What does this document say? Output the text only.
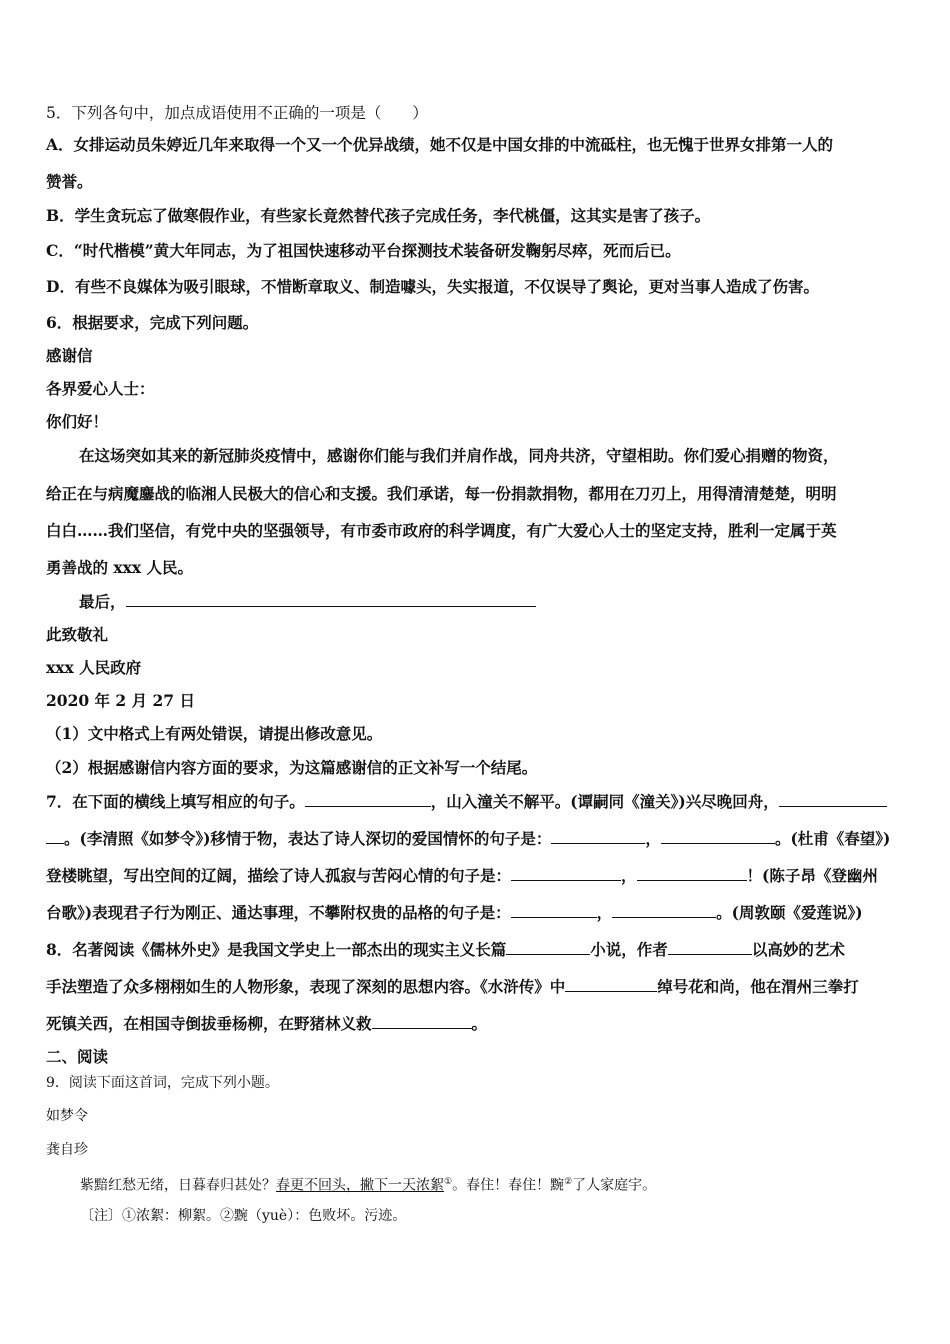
5．下列各句中，加点成语使用不正确的一项是（　　）
A．女排运动员朱婷近几年来取得一个又一个优异战绩，她不仅是中国女排的中流砥柱，也无愧于世界女排第一人的
赞誉。
B．学生贪玩忘了做寒假作业，有些家长竟然替代孩子完成任务，李代桃僵，这其实是害了孩子。
C．“时代楷模”黄大年同志，为了祖国快速移动平台探测技术装备研发鞠躬尽瘁，死而后已。
D．有些不良媒体为吸引眼球，不惜断章取义、制造噱头，失实报道，不仅误导了舆论，更对当事人造成了伤害。
6．根据要求，完成下列问题。
感谢信
各界爱心人士：
你们好！
在这场突如其来的新冠肺炎疫情中，感谢你们能与我们并肩作战，同舟共济，守望相助。你们爱心捐赠的物资，
给正在与病魔鏖战的临湘人民极大的信心和支援。我们承诺，每一份捐款捐物，都用在刀刃上，用得清清楚楚，明明
白白……我们坚信，有党中央的坚强领导，有市委市政府的科学调度，有广大爱心人士的坚定支持，胜利一定属于英
勇善战的 xxx 人民。
最后，
此致敬礼
xxx 人民政府
2020 年 2 月 27 日
（1）文中格式上有两处错误，请提出修改意见。
（2）根据感谢信内容方面的要求，为这篇感谢信的正文补写一个结尾。
7．在下面的横线上填写相应的句子。	，山入潼关不解平。(谭嗣同《潼关》)兴尽晚回舟，
。(李清照《如梦令》)移情于物，表达了诗人深切的爱国情怀的句子是：	，	。(杜甫《春望》)
登楼眺望，写出空间的辽阔，描绘了诗人孤寂与苦闷心情的句子是：	，	！(陈子昂《登幽州
台歌》)表现君子行为刚正、通达事理，不攀附权贵的品格的句子是：	，	。(周敦颐《爱莲说》)
8．名著阅读《儒林外史》是我国文学史上一部杰出的现实主义长篇	小说，作者	以高妙的艺术
手法塑造了众多栩栩如生的人物形象，表现了深刻的思想内容。《水浒传》中	绰号花和尚，他在渭州三拳打
死镇关西，在相国寺倒拔垂杨柳，在野猪林义救	。
二、阅读
9．阅读下面这首词，完成下列小题。
如梦令
龚自珍
紫黯红愁无绪，日暮春归甚处？春更不回头，撇下一天浓絮①。春住！春住！黦②了人家庭宇。
〔注〕①浓絮：柳絮。②黦（yuè）：色败坏。污迹。
